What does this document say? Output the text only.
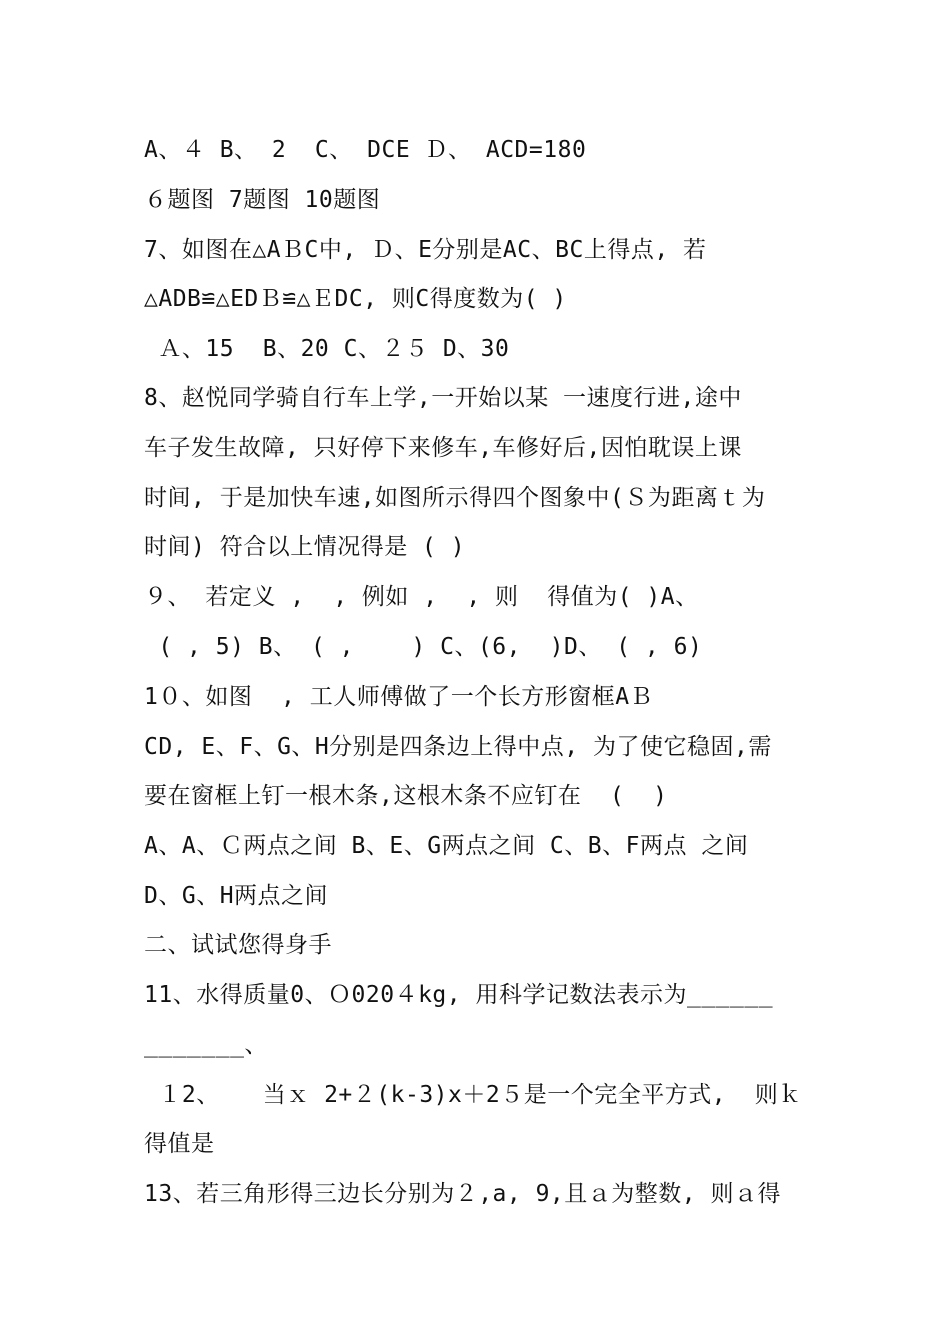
A、４ B、 2  C、 DCE Ｄ、 ACD=180
６题图 7题图 10题图
7、如图在△AＢC中, Ｄ、E分别是AC、BC上得点, 若
△ADB≌△EDＢ≌△ＥDC, 则C得度数为( )
Ａ、15  B、20 C、２５ D、30
8、赵悦同学骑自行车上学,一开始以某 一速度行进,途中
车子发生故障, 只好停下来修车,车修好后,因怕耽误上课
时间, 于是加快车速,如图所示得四个图象中(Ｓ为距离ｔ为
时间) 符合以上情况得是 ( )
９、 若定义 ,  , 例如 ,  , 则  得值为( )A、
( , 5) B、 ( ,    ) C、(6,  )D、 ( , 6)
1０、如图  , 工人师傅做了一个长方形窗框AＢ
CD, E、F、G、H分别是四条边上得中点, 为了使它稳固,需
要在窗框上钉一根木条,这根木条不应钉在  (  )
A、A、Ｃ两点之间 B、E、G两点之间 C、B、F两点 之间
D、G、H两点之间
二、试试您得身手
11、水得质量0、Ｏ020４kg, 用科学记数法表示为______
_______、
１2、   当ｘ 2+２(k-3)x＋2５是一个完全平方式,  则ｋ
得值是
13、若三角形得三边长分别为２,a, 9,且ａ为整数, 则ａ得
